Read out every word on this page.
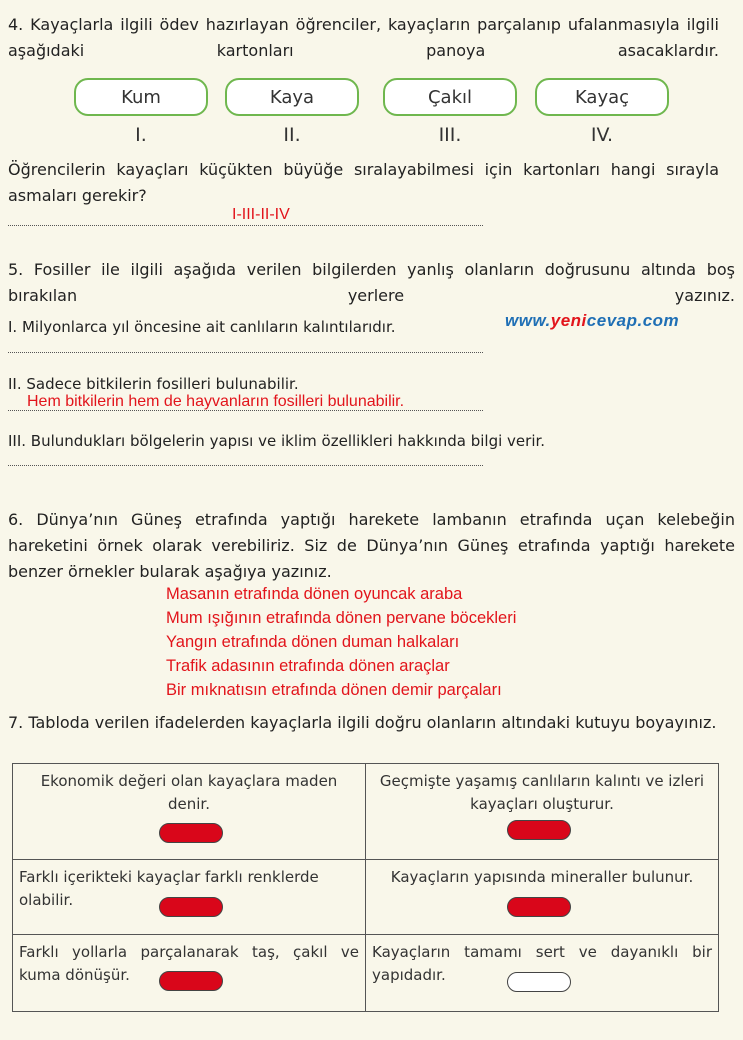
4. Kayaçlarla ilgili ödev hazırlayan öğrenciler, kayaçların parçalanıp ufalanmasıyla ilgili aşağıdaki kartonları panoya asacaklardır.
Kum	Kaya	Çakıl	Kayaç
I.	II.	III.	IV.
Öğrencilerin kayaçları küçükten büyüğe sıralayabilmesi için kartonları hangi sırayla asmaları gerekir?
I-III-II-IV
5. Fosiller ile ilgili aşağıda verilen bilgilerden yanlış olanların doğrusunu altında boş bırakılan yerlere yazınız.
I. Milyonlarca yıl öncesine ait canlıların kalıntılarıdır.	www.yenicevap.com
II. Sadece bitkilerin fosilleri bulunabilir.
Hem bitkilerin hem de hayvanların fosilleri bulunabilir.
III. Bulundukları bölgelerin yapısı ve iklim özellikleri hakkında bilgi verir.
6. Dünya’nın Güneş etrafında yaptığı harekete lambanın etrafında uçan kelebeğin hareketini örnek olarak verebiliriz. Siz de Dünya’nın Güneş etrafında yaptığı harekete benzer örnekler bularak aşağıya yazınız.
Masanın etrafında dönen oyuncak araba
Mum ışığının etrafında dönen pervane böcekleri
Yangın etrafında dönen duman halkaları
Trafik adasının etrafında dönen araçlar
Bir mıknatısın etrafında dönen demir parçaları
7. Tabloda verilen ifadelerden kayaçlarla ilgili doğru olanların altındaki kutuyu boyayınız.
Ekonomik değeri olan kayaçlara maden denir.	Geçmişte yaşamış canlıların kalıntı ve izleri kayaçları oluşturur.

Farklı içerikteki kayaçlar farklı renklerde olabilir.	Kayaçların yapısında mineraller bulunur.

Farklı yollarla parçalanarak taş, çakıl ve kuma dönüşür.	Kayaçların tamamı sert ve dayanıklı bir yapıdadır.
